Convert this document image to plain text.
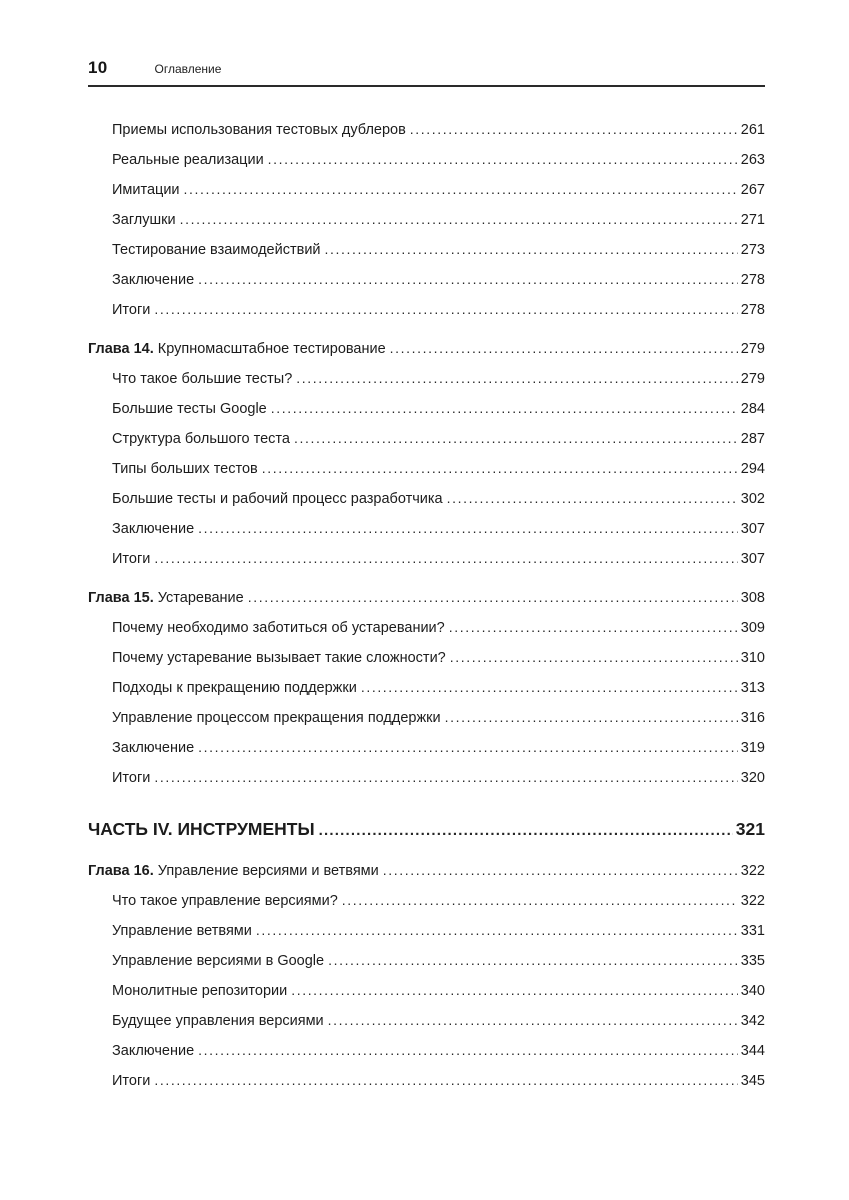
10	Оглавление
Приемы использования тестовых дублеров .....	261
Реальные реализации .....	263
Имитации .....	267
Заглушки .....	271
Тестирование взаимодействий .....	273
Заключение .....	278
Итоги .....	278
Глава 14. Крупномасштабное тестирование .....	279
Что такое большие тесты? .....	279
Большие тесты Google .....	284
Структура большого теста .....	287
Типы больших тестов .....	294
Большие тесты и рабочий процесс разработчика .....	302
Заключение .....	307
Итоги .....	307
Глава 15. Устаревание .....	308
Почему необходимо заботиться об устаревании? .....	309
Почему устаревание вызывает такие сложности? .....	310
Подходы к прекращению поддержки .....	313
Управление процессом прекращения поддержки .....	316
Заключение .....	319
Итоги .....	320
ЧАСТЬ IV. ИНСТРУМЕНТЫ .....	321
Глава 16. Управление версиями и ветвями .....	322
Что такое управление версиями? .....	322
Управление ветвями .....	331
Управление версиями в Google .....	335
Монолитные репозитории .....	340
Будущее управления версиями .....	342
Заключение .....	344
Итоги .....	345
